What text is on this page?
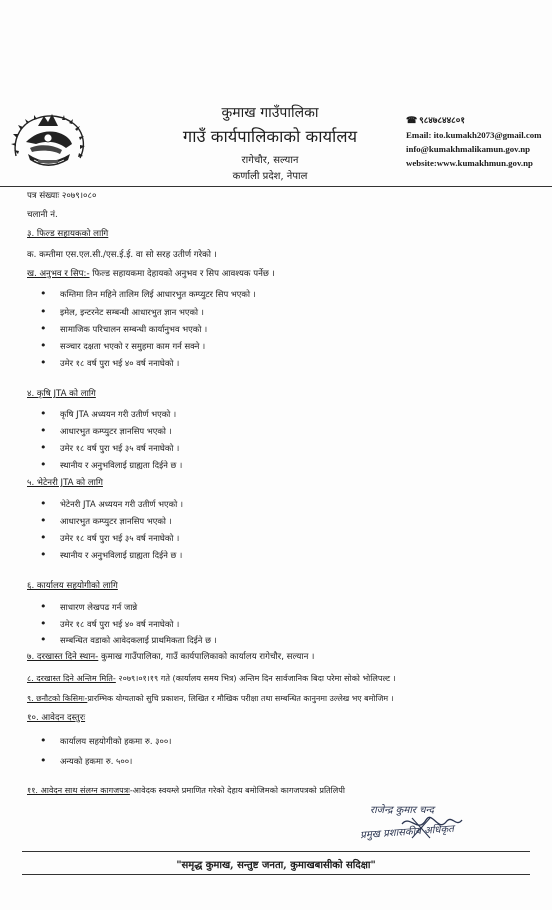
कुमाख गाउँपालिका
गाउँ कार्यपालिकाको कार्यालय
रागेचौर, सल्यान
कर्णाली प्रदेश, नेपाल
☎ ९८४७८४४८०१
Email: ito.kumakh2073@gmail.com
info@kumakhmalikamun.gov.np
website:www.kumakhmun.gov.np
पत्र संख्याः २०७९।०८०
चलानी नं.
३. फिल्ड सहायकको लागि
क. कम्तीमा एस.एल.सी./एस.ई.ई. वा सो सरह उतीर्ण गरेको ।
ख. अनुभव र सिप:- फिल्ड सहायकमा देहायको अनुभव र सिप आवश्यक पर्नेछ ।
• कम्तिमा तिन महिने तालिम लिई आधारभुत कम्प्युटर सिप भएको ।
• इमेल, इन्टरनेट सम्बन्धी आधारभुत ज्ञान भएको ।
• सामाजिक परिचालन सम्बन्धी कार्यानुभव भएको ।
• सञ्चार दक्षता भएको र समुहमा काम गर्न सक्ने ।
• उमेर १८ वर्ष पुरा भई ४० वर्ष ननाघेको ।
४. कृषि JTA को लागि
• कृषि JTA अध्ययन गरी उतीर्ण भएको ।
• आधारभुत कम्प्युटर ज्ञानसिप भएको ।
• उमेर १८ वर्ष पुरा भई ३५ वर्ष ननाघेको ।
• स्थानीय र अनुभविलाई ग्राह्यता दिईने छ ।
५. भेटेनरी JTA को लागि
• भेटेनरी JTA अध्ययन गरी उतीर्ण भएको ।
• आधारभुत कम्प्युटर ज्ञानसिप भएको ।
• उमेर १८ वर्ष पुरा भई ३५ वर्ष ननाघेको ।
• स्थानीय र अनुभविलाई ग्राह्यता दिईने छ ।
६. कार्यालय सहयोगीको लागि
• साधारण लेखपढ गर्न जान्ने
• उमेर १८ वर्ष पुरा भई ४० वर्ष ननाघेको ।
• सम्बन्धित वडाको आवेदकलाई प्राथमिकता दिईने छ ।
७. दरखास्त दिने स्थान- कुमाख गाउँपालिका, गाउँ कार्यपालिकाको कार्यालय रागेचौर, सल्यान ।
८. दरखास्त दिने अन्तिम मिति- २०७९।०१।१९ गते (कार्यालय समय भित्र) अन्तिम दिन सार्वजानिक बिदा परेमा सोको भोलिपल्ट ।
९. छनौटको किसिमः-प्रारम्भिक योग्यताको सुचि प्रकाशन, लिखित र मौखिक परीक्षा तथा सम्बन्धित कानुनमा उल्लेख भए बमोजिम ।
१०. आवेदन दस्तुरः
• कार्यालय सहयोगीको हकमा रु. ३००।
• अन्यको हकमा रु. ५००।
११. आवेदन साथ संलग्न कागजपत्रः-आवेदक स्वयम्ले प्रमाणित गरेको देहाय बमोजिमको कागजपत्रको प्रतिलिपी
राजेन्द्र कुमार चन्द
प्रमुख प्रशासकीय अधिकृत
"समृद्ध कुमाख, सन्तुष्ट जनता, कुमाखबासीको सदिक्षा"
